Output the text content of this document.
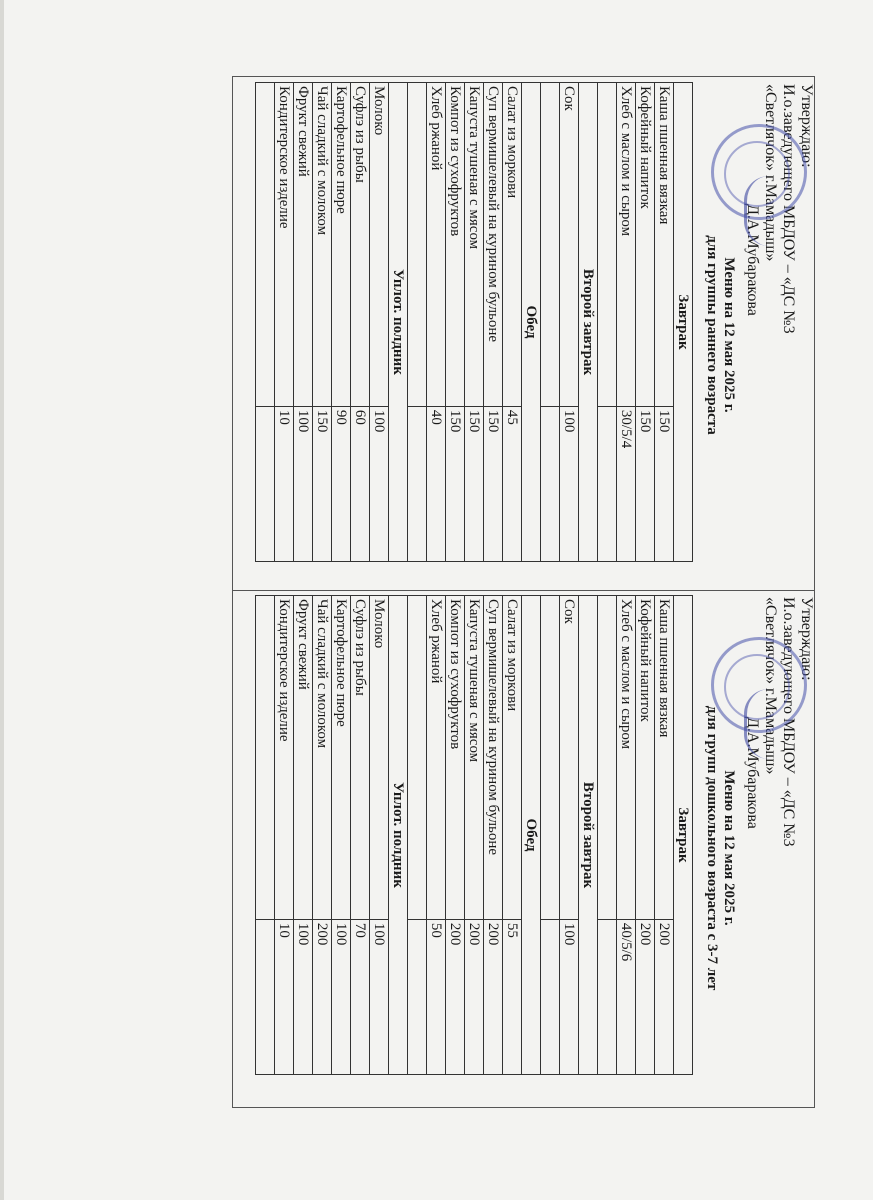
Утверждаю:
И.о.заведующего МБДОУ – «ДС №3
«Светлячок» г.Мамадыш»
Д.А.Мубаракова
Меню на 12 мая 2025 г.
для группы раннего возраста
Завтрак	
Каша пшенная вязкая	150
Кофейный напиток	150
Хлеб с маслом и сыром	30/5/4

Второй завтрак	
Сок	100

Обед	
Салат из моркови	45
Суп вермишелевый на курином бульоне	150
Капуста тушеная с мясом	150
Компот из сухофруктов	150
Хлеб ржаной	40

Уплот. полдник	
Молоко	100
Суфлэ из рыбы	60
Картофельное пюре	90
Чай сладкий с молоком	150
Фрукт свежий	100
Кондитерское изделие	10

Утверждаю:
И.о.заведующего МБДОУ – «ДС №3
«Светлячок» г.Мамадыш»
Д.А.Мубаракова
Меню на 12 мая 2025 г.
для групп дошкольного возраста с 3-7 лет
Завтрак	
Каша пшенная вязкая	200
Кофейный напиток	200
Хлеб с маслом и сыром	40/5/6

Второй завтрак	
Сок	100

Обед	
Салат из моркови	55
Суп вермишелевый на курином бульоне	200
Капуста тушеная с мясом	200
Компот из сухофруктов	200
Хлеб ржаной	50

Уплот. полдник	
Молоко	100
Суфлэ из рыбы	70
Картофельное пюре	100
Чай сладкий с молоком	200
Фрукт свежий	100
Кондитерское изделие	10
